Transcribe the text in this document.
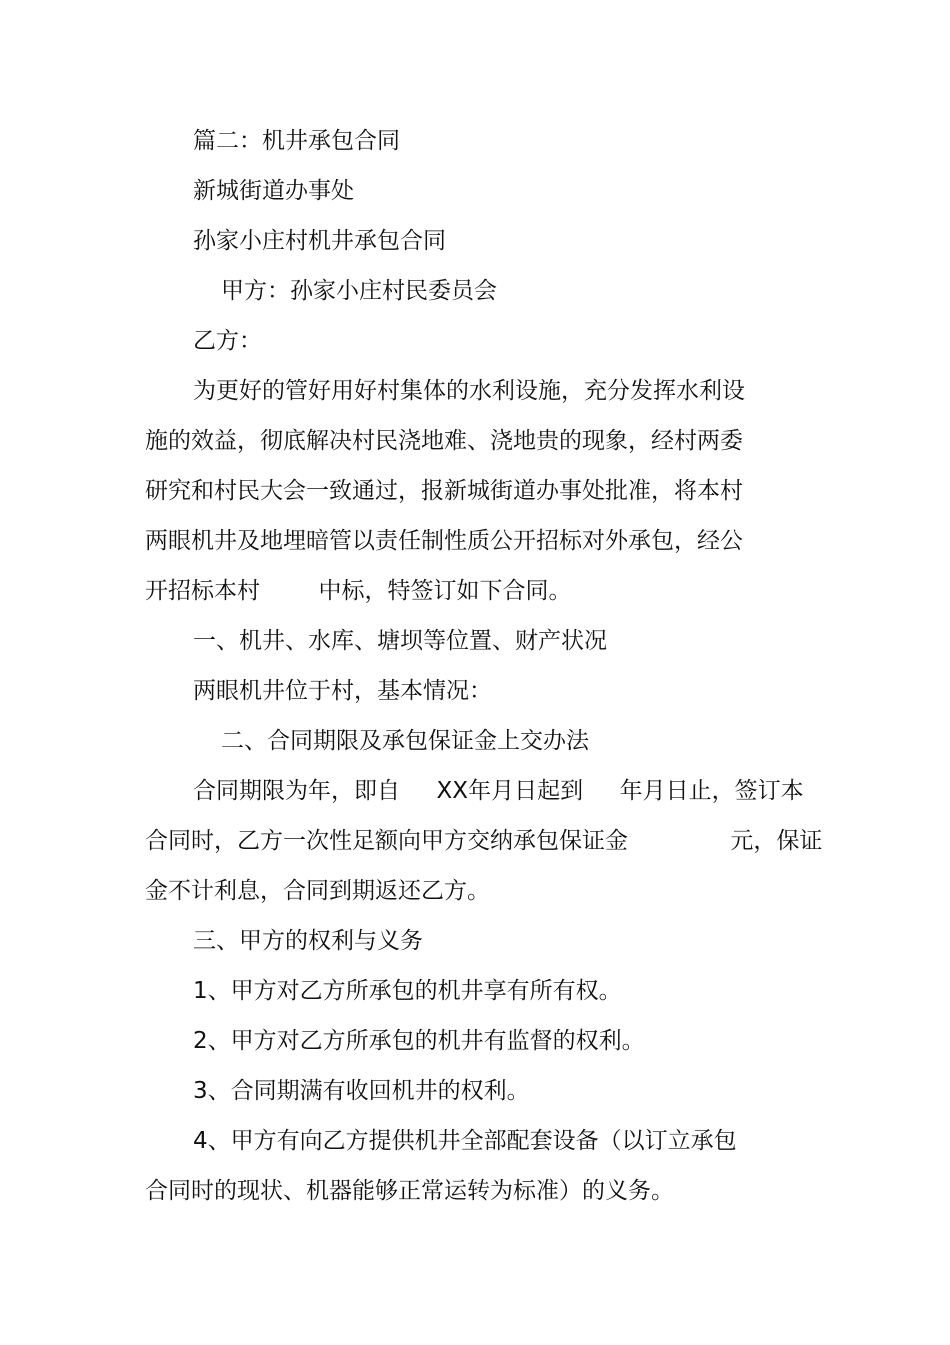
篇二：机井承包合同

新城街道办事处

孙家小庄村机井承包合同

甲方：孙家小庄村民委员会

乙方：

为更好的管好用好村集体的水利设施，充分发挥水利设

施的效益，彻底解决村民浇地难、浇地贵的现象，经村两委

研究和村民大会一致通过，报新城街道办事处批准，将本村

两眼机井及地埋暗管以责任制性质公开招标对外承包，经公

开招标本村        中标，特签订如下合同。

一、机井、水库、塘坝等位置、财产状况

两眼机井位于村，基本情况：

二、合同期限及承包保证金上交办法

合同期限为年，即自     XX年月日起到     年月日止，签订本

合同时，乙方一次性足额向甲方交纳承包保证金              元，保证

金不计利息，合同到期返还乙方。

三、甲方的权利与义务

1、甲方对乙方所承包的机井享有所有权。

2、甲方对乙方所承包的机井有监督的权利。

3、合同期满有收回机井的权利。

4、甲方有向乙方提供机井全部配套设备（以订立承包

合同时的现状、机器能够正常运转为标准）的义务。
